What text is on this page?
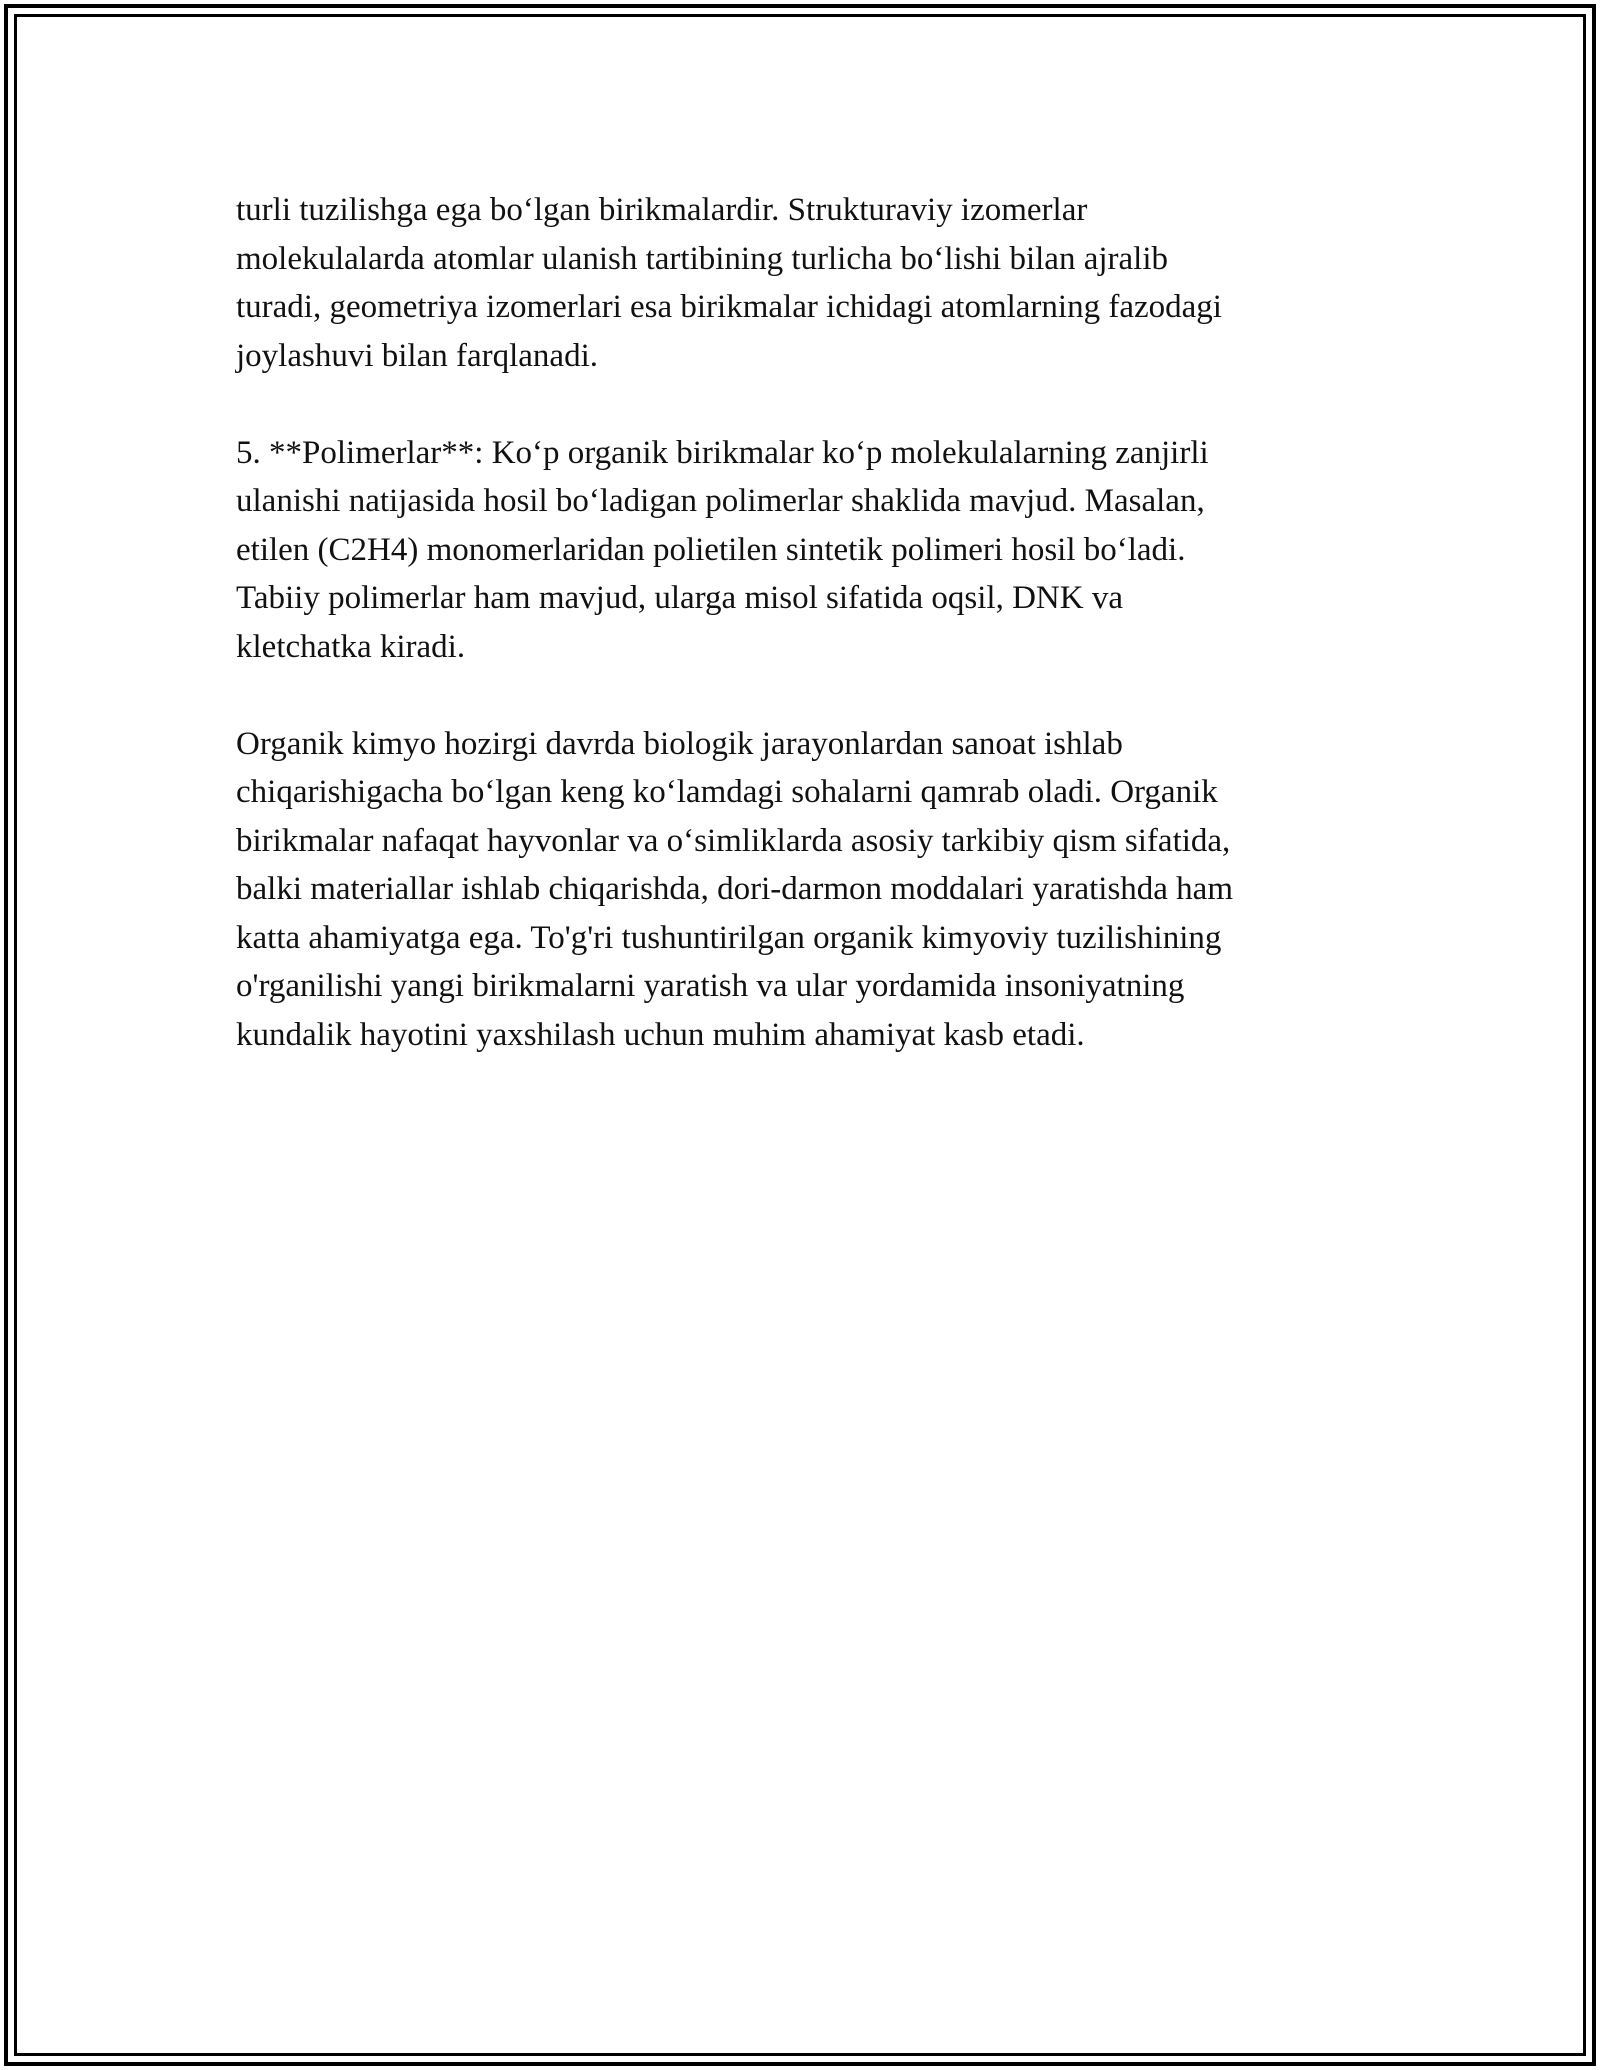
turli tuzilishga ega boʻlgan birikmalardir. Strukturaviy izomerlar
molekulalarda atomlar ulanish tartibining turlicha boʻlishi bilan ajralib
turadi, geometriya izomerlari esa birikmalar ichidagi atomlarning fazodagi
joylashuvi bilan farqlanadi.

5. **Polimerlar**: Koʻp organik birikmalar koʻp molekulalarning zanjirli
ulanishi natijasida hosil boʻladigan polimerlar shaklida mavjud. Masalan,
etilen (C2H4) monomerlaridan polietilen sintetik polimeri hosil boʻladi.
Tabiiy polimerlar ham mavjud, ularga misol sifatida oqsil, DNK va
kletchatka kiradi.

Organik kimyo hozirgi davrda biologik jarayonlardan sanoat ishlab
chiqarishigacha boʻlgan keng koʻlamdagi sohalarni qamrab oladi. Organik
birikmalar nafaqat hayvonlar va oʻsimliklarda asosiy tarkibiy qism sifatida,
balki materiallar ishlab chiqarishda, dori-darmon moddalari yaratishda ham
katta ahamiyatga ega. To'g'ri tushuntirilgan organik kimyoviy tuzilishining
o'rganilishi yangi birikmalarni yaratish va ular yordamida insoniyatning
kundalik hayotini yaxshilash uchun muhim ahamiyat kasb etadi.
